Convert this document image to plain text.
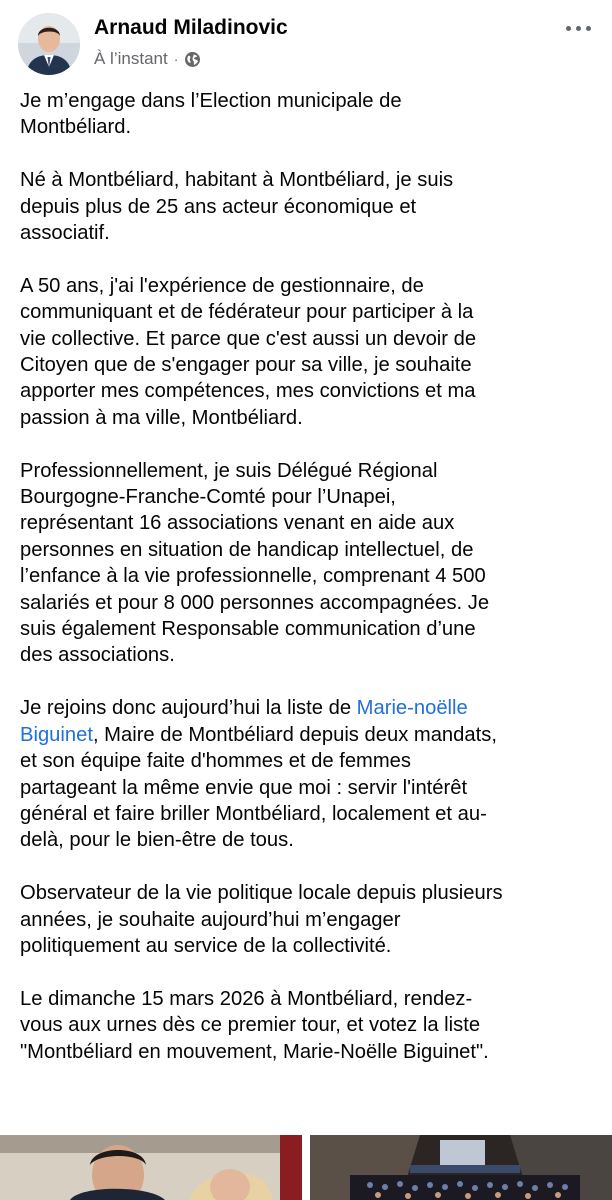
Arnaud Miladinovic
À l’instant ·

Je m’engage dans l’Election municipale de
Montbéliard.

Né à Montbéliard, habitant à Montbéliard, je suis
depuis plus de 25 ans acteur économique et
associatif.

A 50 ans, j'ai l'expérience de gestionnaire, de
communiquant et de fédérateur pour participer à la
vie collective. Et parce que c'est aussi un devoir de
Citoyen que de s'engager pour sa ville, je souhaite
apporter mes compétences, mes convictions et ma
passion à ma ville, Montbéliard.

Professionnellement, je suis Délégué Régional
Bourgogne-Franche-Comté pour l’Unapei,
représentant 16 associations venant en aide aux
personnes en situation de handicap intellectuel, de
l’enfance à la vie professionnelle, comprenant 4 500
salariés et pour 8 000 personnes accompagnées. Je
suis également Responsable communication d’une
des associations.

Je rejoins donc aujourd’hui la liste de Marie-noëlle
Biguinet, Maire de Montbéliard depuis deux mandats,
et son équipe faite d'hommes et de femmes
partageant la même envie que moi : servir l'intérêt
général et faire briller Montbéliard, localement et au-
delà, pour le bien-être de tous.

Observateur de la vie politique locale depuis plusieurs
années, je souhaite aujourd’hui m’engager
politiquement au service de la collectivité.

Le dimanche 15 mars 2026 à Montbéliard, rendez-
vous aux urnes dès ce premier tour, et votez la liste
"Montbéliard en mouvement, Marie-Noëlle Biguinet".
